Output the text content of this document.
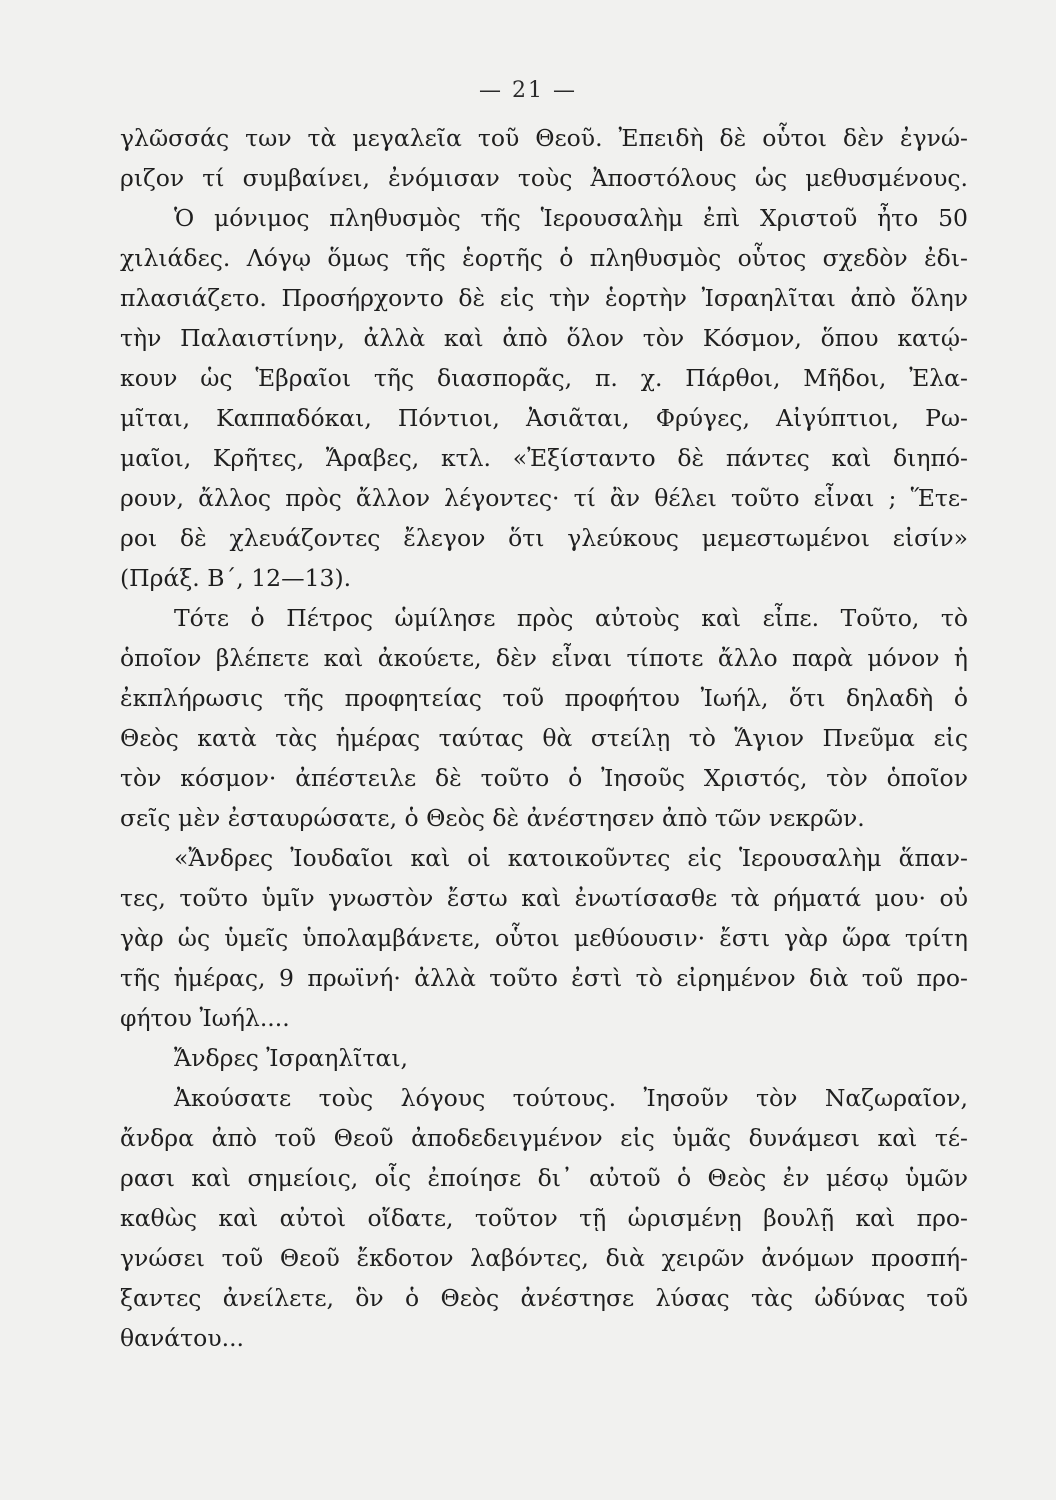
— 21 —
γλῶσσάς των τὰ μεγαλεῖα τοῦ Θεοῦ. Ἐπειδὴ δὲ οὗτοι δὲν ἐγνώ-
ριζον τί συμβαίνει, ἐνόμισαν τοὺς Ἀποστόλους ὡς μεθυσμένους.
Ὁ μόνιμος πληθυσμὸς τῆς Ἱερουσαλὴμ ἐπὶ Χριστοῦ ἦτο 50
χιλιάδες. Λόγῳ ὅμως τῆς ἑορτῆς ὁ πληθυσμὸς οὗτος σχεδὸν ἐδι-
πλασιάζετο. Προσήρχοντο δὲ εἰς τὴν ἑορτὴν Ἰσραηλῖται ἀπὸ ὅλην
τὴν Παλαιστίνην, ἀλλὰ καὶ ἀπὸ ὅλον τὸν Κόσμον, ὅπου κατῴ-
κουν ὡς Ἑβραῖοι τῆς διασπορᾶς, π. χ. Πάρθοι, Μῆδοι, Ἐλα-
μῖται, Καππαδόκαι, Πόντιοι, Ἀσιᾶται, Φρύγες, Αἰγύπτιοι, Ρω-
μαῖοι, Κρῆτες, Ἄραβες, κτλ. «Ἐξίσταντο δὲ πάντες καὶ διηπό-
ρουν, ἄλλος πρὸς ἄλλον λέγοντες· τί ἂν θέλει τοῦτο εἶναι ; Ἕτε-
ροι δὲ χλευάζοντες ἔλεγον ὅτι γλεύκους μεμεστωμένοι εἰσίν»
(Πράξ. Β΄, 12—13).
Τότε ὁ Πέτρος ὡμίλησε πρὸς αὐτοὺς καὶ εἶπε. Τοῦτο, τὸ
ὁποῖον βλέπετε καὶ ἀκούετε, δὲν εἶναι τίποτε ἄλλο παρὰ μόνον ἡ
ἐκπλήρωσις τῆς προφητείας τοῦ προφήτου Ἰωήλ, ὅτι δηλαδὴ ὁ
Θεὸς κατὰ τὰς ἡμέρας ταύτας θὰ στείλῃ τὸ Ἅγιον Πνεῦμα εἰς
τὸν κόσμον· ἀπέστειλε δὲ τοῦτο ὁ Ἰησοῦς Χριστός, τὸν ὁποῖον
σεῖς μὲν ἐσταυρώσατε, ὁ Θεὸς δὲ ἀνέστησεν ἀπὸ τῶν νεκρῶν.
«Ἄνδρες Ἰουδαῖοι καὶ οἱ κατοικοῦντες εἰς Ἱερουσαλὴμ ἅπαν-
τες, τοῦτο ὑμῖν γνωστὸν ἔστω καὶ ἐνωτίσασθε τὰ ρήματά μου· οὐ
γὰρ ὡς ὑμεῖς ὑπολαμβάνετε, οὗτοι μεθύουσιν· ἔστι γὰρ ὥρα τρίτη
τῆς ἡμέρας, 9 πρωϊνή· ἀλλὰ τοῦτο ἐστὶ τὸ εἰρημένον διὰ τοῦ προ-
φήτου Ἰωήλ....
Ἄνδρες Ἰσραηλῖται,
Ἀκούσατε τοὺς λόγους τούτους. Ἰησοῦν τὸν Ναζωραῖον,
ἄνδρα ἀπὸ τοῦ Θεοῦ ἀποδεδειγμένον εἰς ὑμᾶς δυνάμεσι καὶ τέ-
ρασι καὶ σημείοις, οἷς ἐποίησε δι᾿ αὐτοῦ ὁ Θεὸς ἐν μέσῳ ὑμῶν
καθὼς καὶ αὐτοὶ οἴδατε, τοῦτον τῇ ὡρισμένῃ βουλῇ καὶ προ-
γνώσει τοῦ Θεοῦ ἔκδοτον λαβόντες, διὰ χειρῶν ἀνόμων προσπή-
ξαντες ἀνείλετε, ὃν ὁ Θεὸς ἀνέστησε λύσας τὰς ὠδύνας τοῦ
θανάτου...
